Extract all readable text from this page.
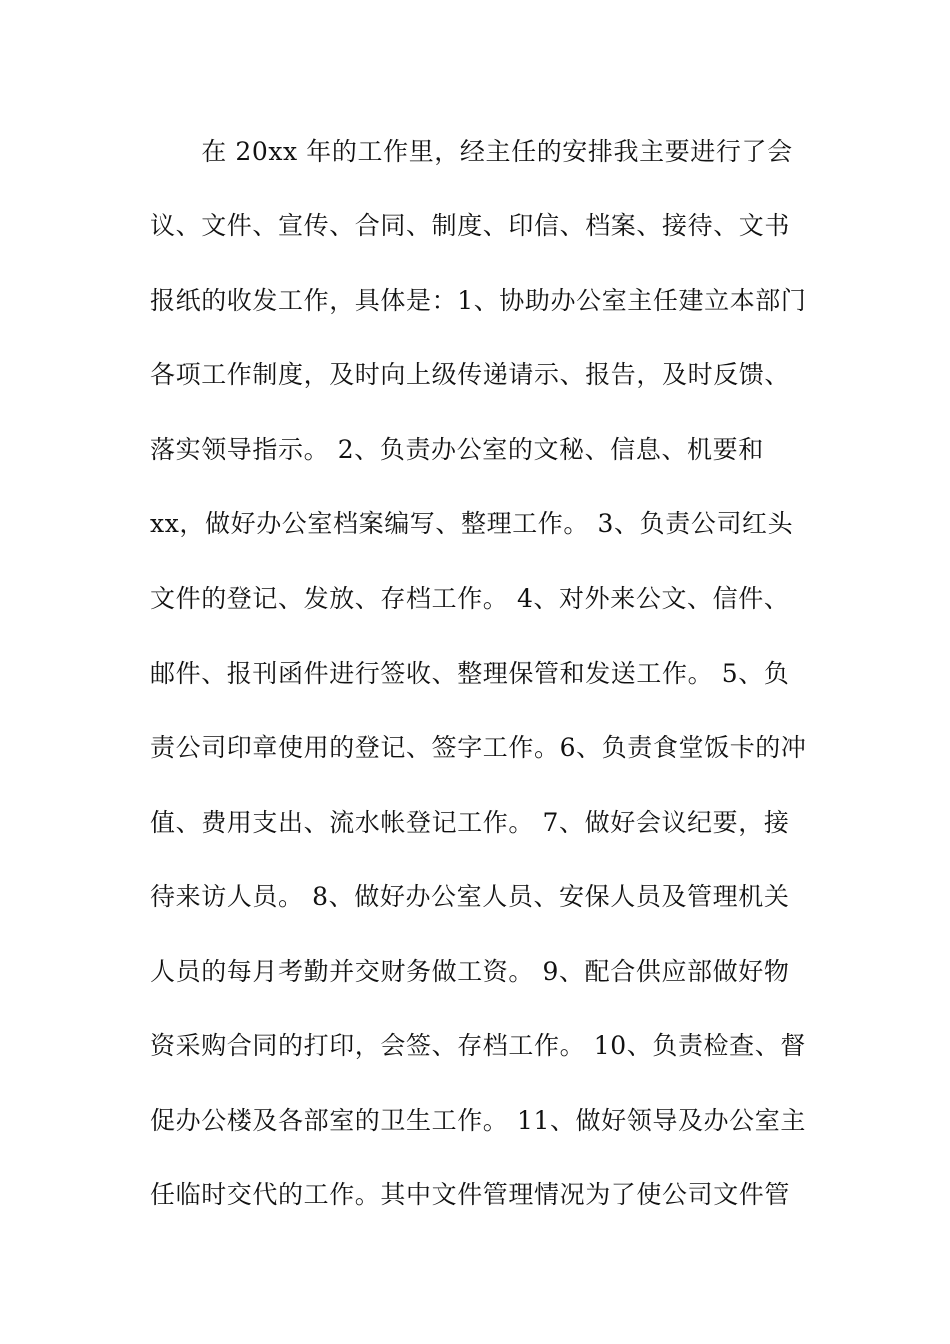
　　在 20xx 年的工作里，经主任的安排我主要进行了会
议、文件、宣传、合同、制度、印信、档案、接待、文书
报纸的收发工作，具体是：1、协助办公室主任建立本部门
各项工作制度，及时向上级传递请示、报告，及时反馈、
落实领导指示。 2、负责办公室的文秘、信息、机要和
xx，做好办公室档案编写、整理工作。 3、负责公司红头
文件的登记、发放、存档工作。 4、对外来公文、信件、
邮件、报刊函件进行签收、整理保管和发送工作。 5、负
责公司印章使用的登记、签字工作。6、负责食堂饭卡的冲
值、费用支出、流水帐登记工作。 7、做好会议纪要，接
待来访人员。 8、做好办公室人员、安保人员及管理机关
人员的每月考勤并交财务做工资。 9、配合供应部做好物
资采购合同的打印，会签、存档工作。 10、负责检查、督
促办公楼及各部室的卫生工作。 11、做好领导及办公室主
任临时交代的工作。其中文件管理情况为了使公司文件管
